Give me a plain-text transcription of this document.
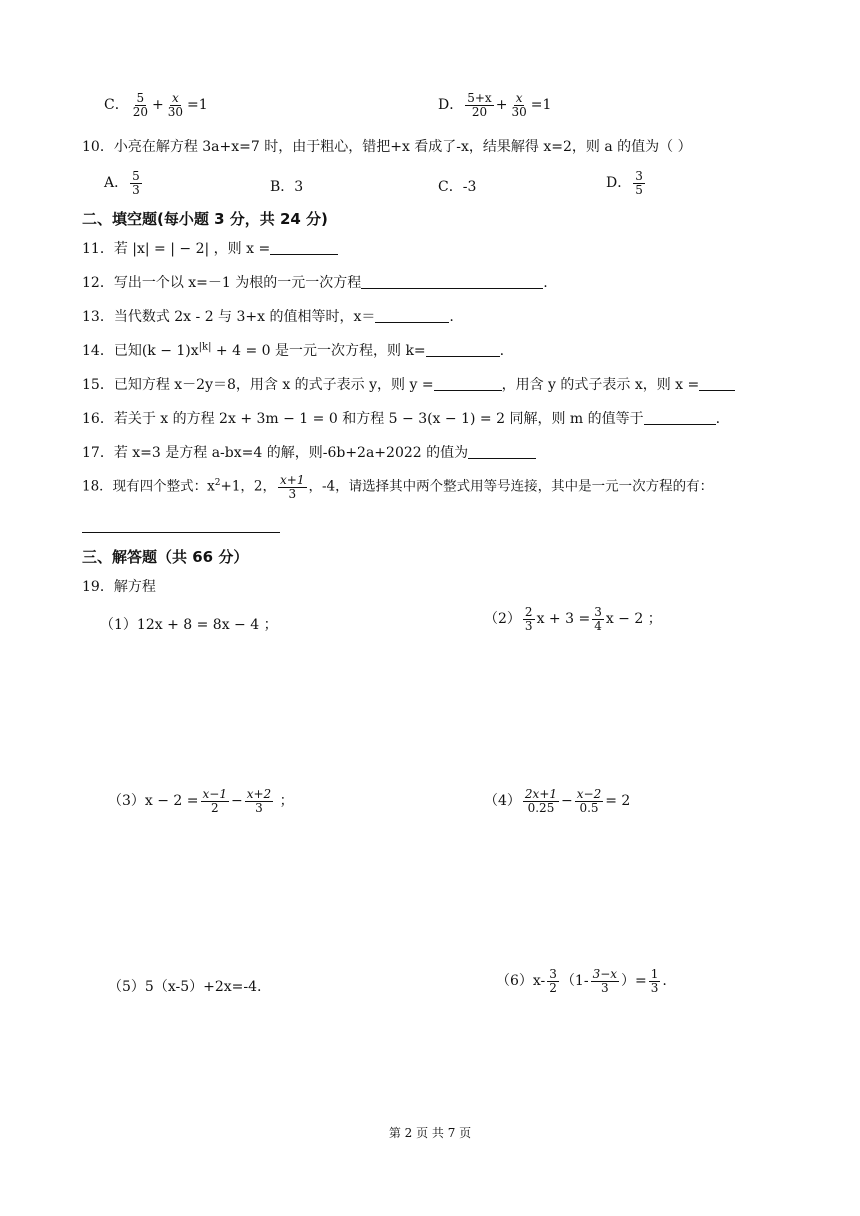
C． $\frac{5}{20} + \frac{x}{30} =1$	D． $\frac{5+x}{20} + \frac{x}{30} =1$
10．小亮在解方程 3a+x=7 时，由于粗心，错把+x 看成了-x，结果解得 x=2，则 a 的值为（ ）
A． $\frac{5}{3}$	B．3	C．-3	D． $\frac{3}{5}$
二、填空题(每小题 3 分，共 24 分)
11．若 |x| = | − 2| ，则 x =
12．写出一个以 x=－1 为根的一元一次方程	.
13．当代数式 2x - 2 与 3+x 的值相等时，x＝	.
14．已知$(k - 1)x^{|k|} + 4 = 0$ 是一元一次方程，则 k=	.
15．已知方程 x－2y＝8，用含 x 的式子表示 y，则 y =	，用含 y 的式子表示 x，则 x =
16．若关于 x 的方程 2x + 3m − 1 = 0 和方程 5 − 3(x − 1) = 2 同解，则 m 的值等于	.
17．若 x=3 是方程 a-bx=4 的解，则-6b+2a+2022 的值为
18．现有四个整式：$x^2+1$，2， $\frac{x+1}{3}$ ，-4，请选择其中两个整式用等号连接，其中是一元一次方程的有：
三、解答题（共 66 分）
19．解方程
（1）12x + 8 = 8x − 4 ；	$(2) \frac{2}{3}$ $x + 3 = \frac{3}{4}$ x − 2 ；
$(3)x - 2 = \frac{x-1}{2} - \frac{x+2}{3}$ ；	$(4) \frac{2x+1}{0.25} - \frac{x-2}{0.5} = 2$
（5）5（x-5）+2x=-4.	$(6)x- \frac{3}{2} (1- \frac{3-x}{3}$ ）= $\frac{1}{3}$ .
第 2 页 共 7 页
